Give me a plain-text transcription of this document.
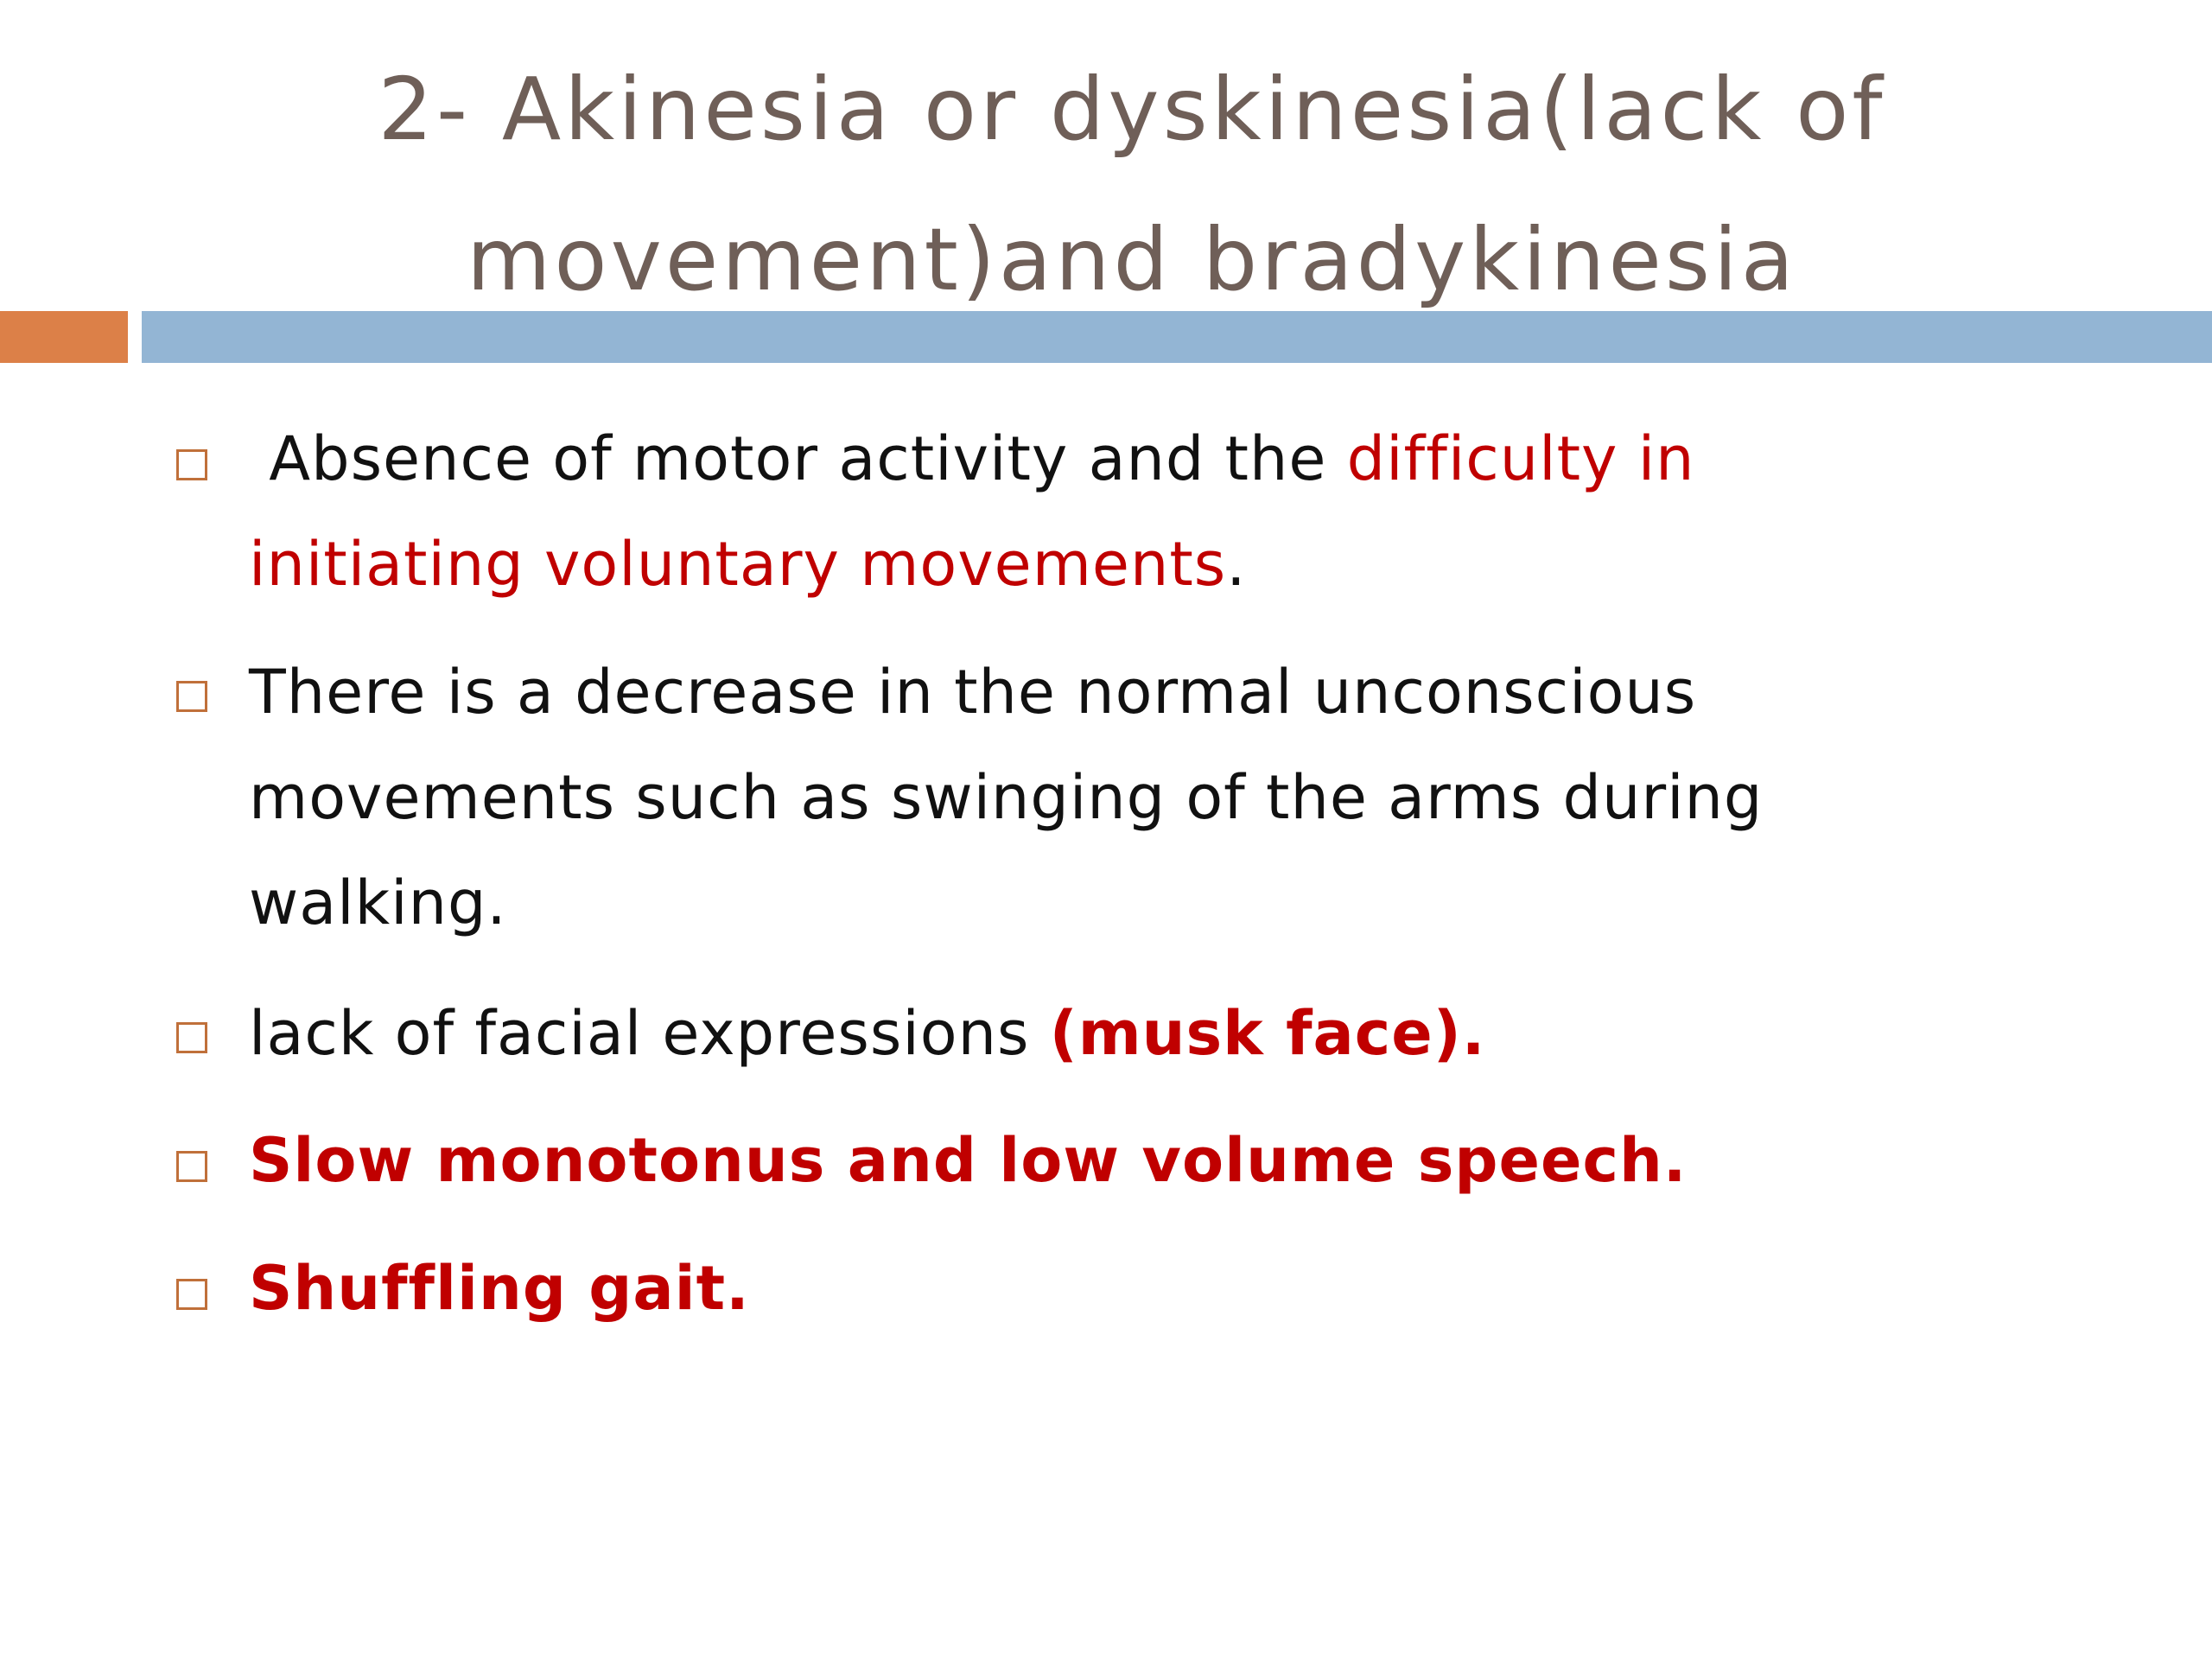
2- Akinesia or dyskinesia(lack of
movement)and bradykinesia
Absence of motor activity and the difficulty in
initiating voluntary movements.
There is a decrease in the normal unconscious
movements such as swinging of the arms during
walking.
lack of facial expressions (musk face).
Slow monotonus and low volume speech.
Shuffling gait.
